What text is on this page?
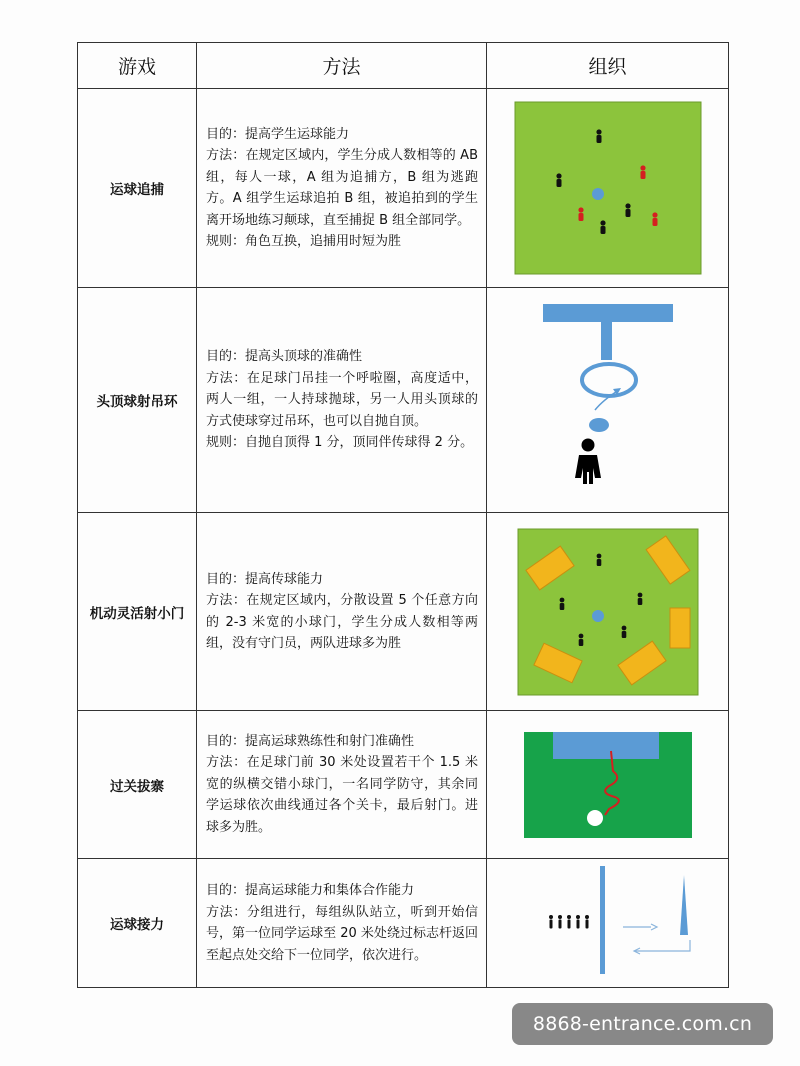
游戏	方法	组织
运球追捕	目的：提高学生运球能力

方法：在规定区域内，学生分成人数相等的 AB 组，每人一球，A 组为追捕方，B 组为逃跑方。A 组学生运球追拍 B 组，被追拍到的学生离开场地练习颠球，直至捕捉 B 组全部同学。

规则：角色互换，追捕用时短为胜

头顶球射吊环	目的：提高头顶球的准确性

方法：在足球门吊挂一个呼啦圈，高度适中，两人一组，一人持球抛球，另一人用头顶球的方式使球穿过吊环，也可以自抛自顶。

规则：自抛自顶得 1 分，顶同伴传球得 2 分。

机动灵活射小门	目的：提高传球能力

方法：在规定区域内，分散设置 5 个任意方向的 2-3 米宽的小球门，学生分成人数相等两组，没有守门员，两队进球多为胜

过关拔寨	目的：提高运球熟练性和射门准确性

方法：在足球门前 30 米处设置若干个 1.5 米宽的纵横交错小球门，一名同学防守，其余同学运球依次曲线通过各个关卡，最后射门。进球多为胜。

运球接力	目的：提高运球能力和集体合作能力

方法：分组进行，每组纵队站立，听到开始信号，第一位同学运球至 20 米处绕过标志杆返回至起点处交给下一位同学，依次进行。

8868-entrance.com.cn
